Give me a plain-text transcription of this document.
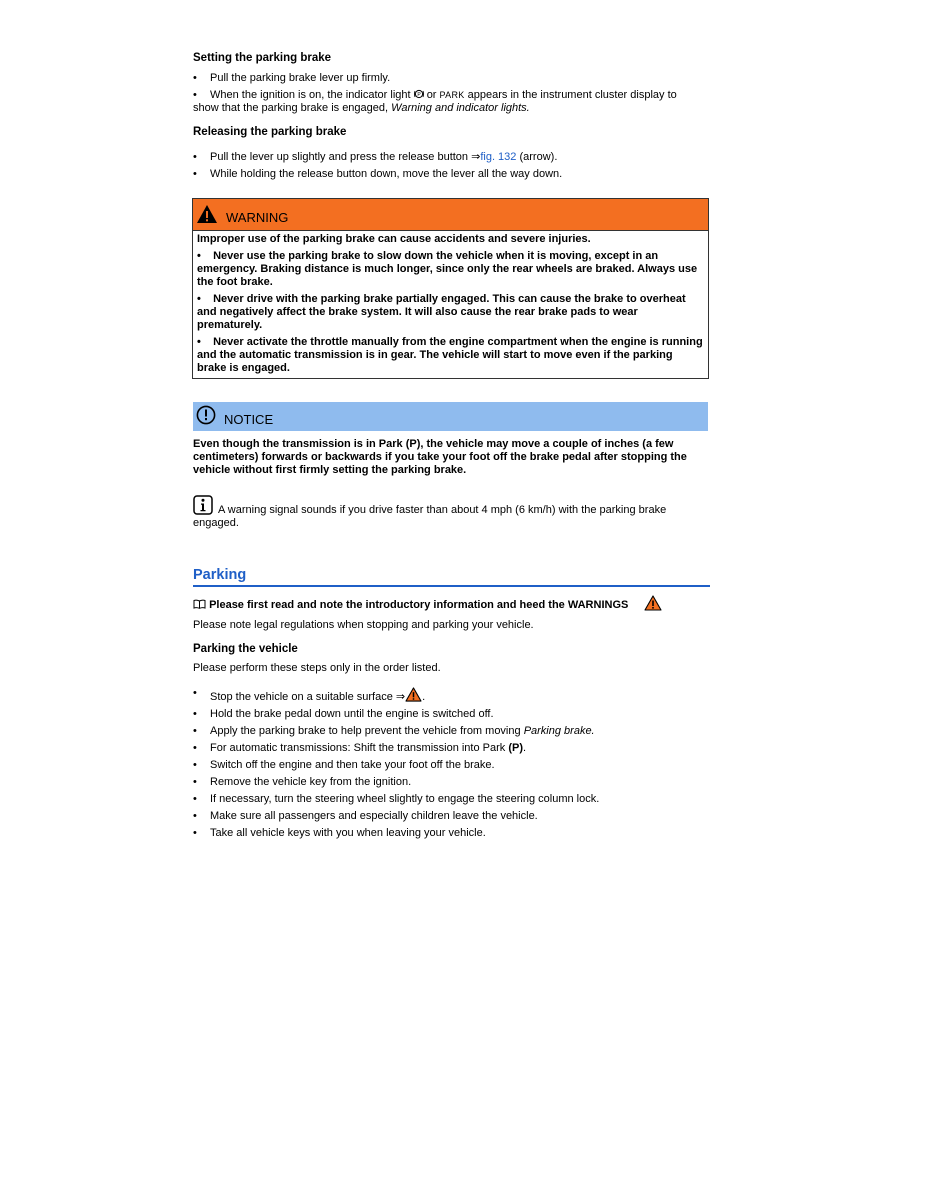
Setting the parking brake
• Pull the parking brake lever up firmly.
• When the ignition is on, the indicator light P or PARK appears in the instrument cluster display to
show that the parking brake is engaged, Warning and indicator lights.
Releasing the parking brake
• Pull the lever up slightly and press the release button ⇒fig. 132 (arrow).
• While holding the release button down, move the lever all the way down.
WARNING
Improper use of the parking brake can cause accidents and severe injuries.
•    Never use the parking brake to slow down the vehicle when it is moving, except in an emergency. Braking distance is much longer, since only the rear wheels are braked. Always use the foot brake.
•    Never drive with the parking brake partially engaged. This can cause the brake to overheat and negatively affect the brake system. It will also cause the rear brake pads to wear prematurely.
•    Never activate the throttle manually from the engine compartment when the engine is running and the automatic transmission is in gear. The vehicle will start to move even if the parking brake is engaged.
NOTICE
Even though the transmission is in Park (P), the vehicle may move a couple of inches (a few centimeters) forwards or backwards if you take your foot off the brake pedal after stopping the vehicle without first firmly setting the parking brake.
A warning signal sounds if you drive faster than about 4 mph (6 km/h) with the parking brake engaged.
Parking
Please first read and note the introductory information and heed the WARNINGS
Please note legal regulations when stopping and parking your vehicle.
Parking the vehicle
Please perform these steps only in the order listed.
• Stop the vehicle on a suitable surface ⇒ .
• Hold the brake pedal down until the engine is switched off.
• Apply the parking brake to help prevent the vehicle from moving Parking brake.
• For automatic transmissions: Shift the transmission into Park (P).
• Switch off the engine and then take your foot off the brake.
• Remove the vehicle key from the ignition.
• If necessary, turn the steering wheel slightly to engage the steering column lock.
• Make sure all passengers and especially children leave the vehicle.
• Take all vehicle keys with you when leaving your vehicle.
